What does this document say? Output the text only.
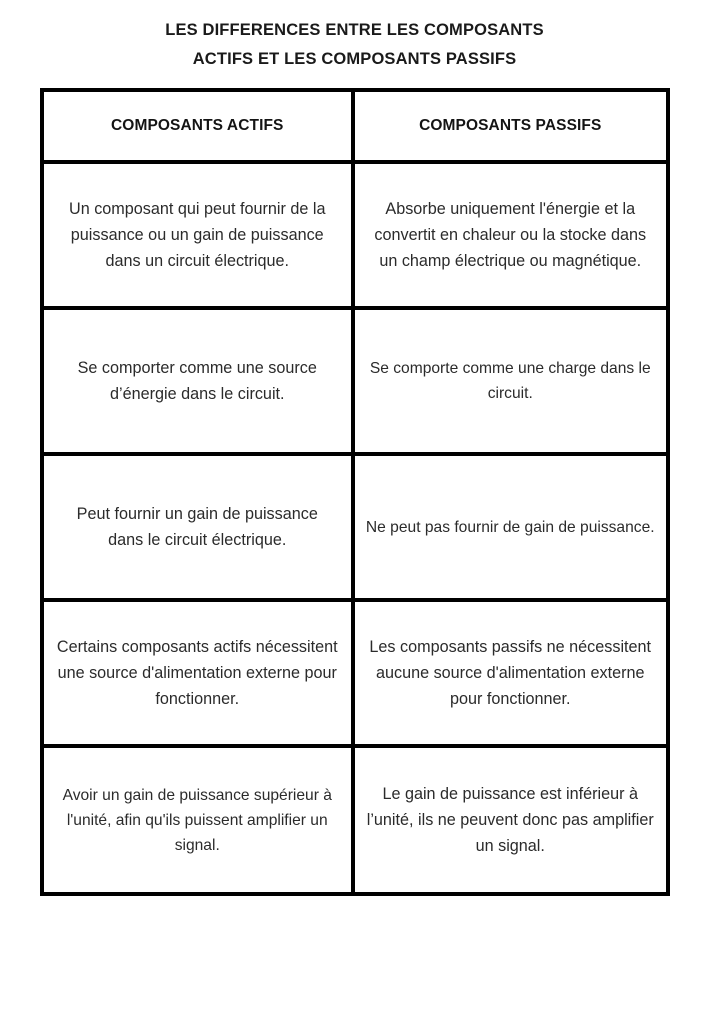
LES DIFFERENCES ENTRE LES COMPOSANTS
ACTIFS ET LES COMPOSANTS PASSIFS
COMPOSANTS ACTIFS	COMPOSANTS PASSIFS

Un composant qui peut fournir de la puissance ou un gain de puissance dans un circuit électrique.	Absorbe uniquement l'énergie et la convertit en chaleur ou la stocke dans un champ électrique ou magnétique.

Se comporter comme une source d’énergie dans le circuit.	Se comporte comme une charge dans le circuit.

Peut fournir un gain de puissance dans le circuit électrique.	Ne peut pas fournir de gain de puissance.

Certains composants actifs nécessitent une source d'alimentation externe pour fonctionner.	Les composants passifs ne nécessitent aucune source d'alimentation externe pour fonctionner.

Avoir un gain de puissance supérieur à l'unité, afin qu'ils puissent amplifier un signal.	Le gain de puissance est inférieur à l’unité, ils ne peuvent donc pas amplifier un signal.
